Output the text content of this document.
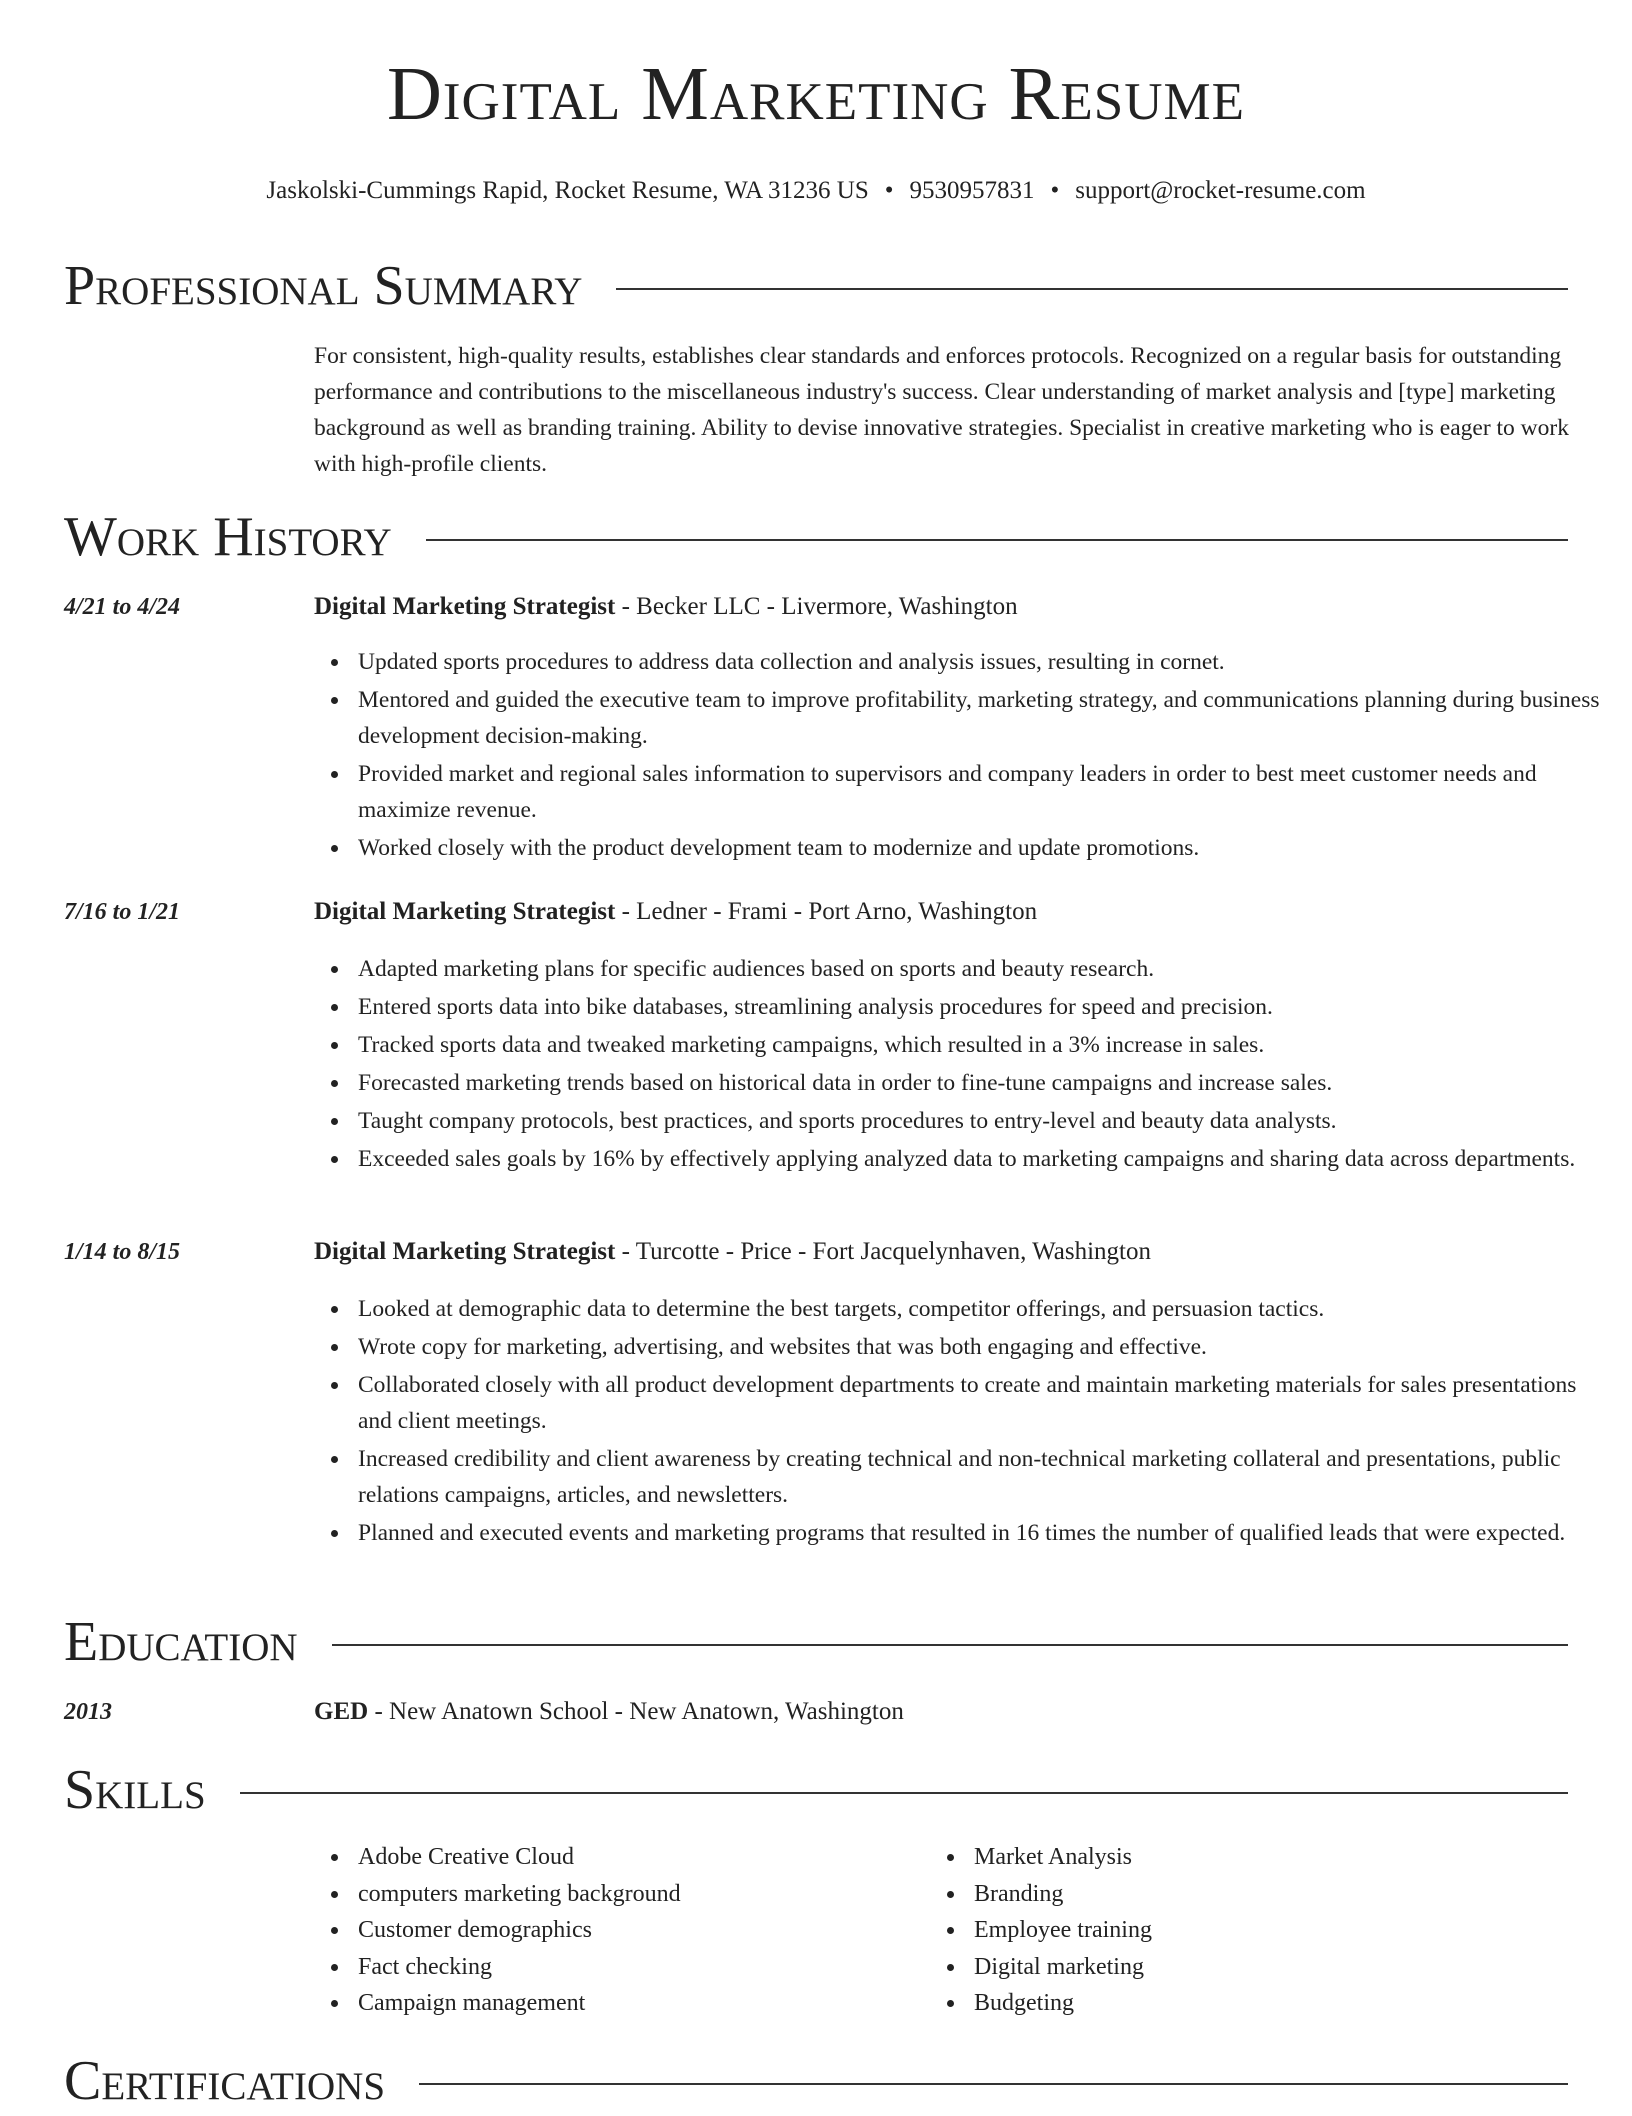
Digital Marketing Resume
Jaskolski-Cummings Rapid, Rocket Resume, WA 31236 US • 9530957831 • support@rocket-resume.com
Professional Summary
For consistent, high-quality results, establishes clear standards and enforces protocols. Recognized on a regular basis for outstanding performance and contributions to the miscellaneous industry's success. Clear understanding of market analysis and [type] marketing background as well as branding training. Ability to devise innovative strategies. Specialist in creative marketing who is eager to work with high-profile clients.
Work History
4/21 to 4/24	Digital Marketing Strategist - Becker LLC - Livermore, Washington
Updated sports procedures to address data collection and analysis issues, resulting in cornet.
Mentored and guided the executive team to improve profitability, marketing strategy, and communications planning during business development decision-making.
Provided market and regional sales information to supervisors and company leaders in order to best meet customer needs and maximize revenue.
Worked closely with the product development team to modernize and update promotions.
7/16 to 1/21	Digital Marketing Strategist - Ledner - Frami - Port Arno, Washington
Adapted marketing plans for specific audiences based on sports and beauty research.
Entered sports data into bike databases, streamlining analysis procedures for speed and precision.
Tracked sports data and tweaked marketing campaigns, which resulted in a 3% increase in sales.
Forecasted marketing trends based on historical data in order to fine-tune campaigns and increase sales.
Taught company protocols, best practices, and sports procedures to entry-level and beauty data analysts.
Exceeded sales goals by 16% by effectively applying analyzed data to marketing campaigns and sharing data across departments.
1/14 to 8/15	Digital Marketing Strategist - Turcotte - Price - Fort Jacquelynhaven, Washington
Looked at demographic data to determine the best targets, competitor offerings, and persuasion tactics.
Wrote copy for marketing, advertising, and websites that was both engaging and effective.
Collaborated closely with all product development departments to create and maintain marketing materials for sales presentations and client meetings.
Increased credibility and client awareness by creating technical and non-technical marketing collateral and presentations, public relations campaigns, articles, and newsletters.
Planned and executed events and marketing programs that resulted in 16 times the number of qualified leads that were expected.
Education
2013	GED - New Anatown School - New Anatown, Washington
Skills
Adobe Creative Cloud
computers marketing background
Customer demographics
Fact checking
Campaign management
Market Analysis
Branding
Employee training
Digital marketing
Budgeting
Certifications
